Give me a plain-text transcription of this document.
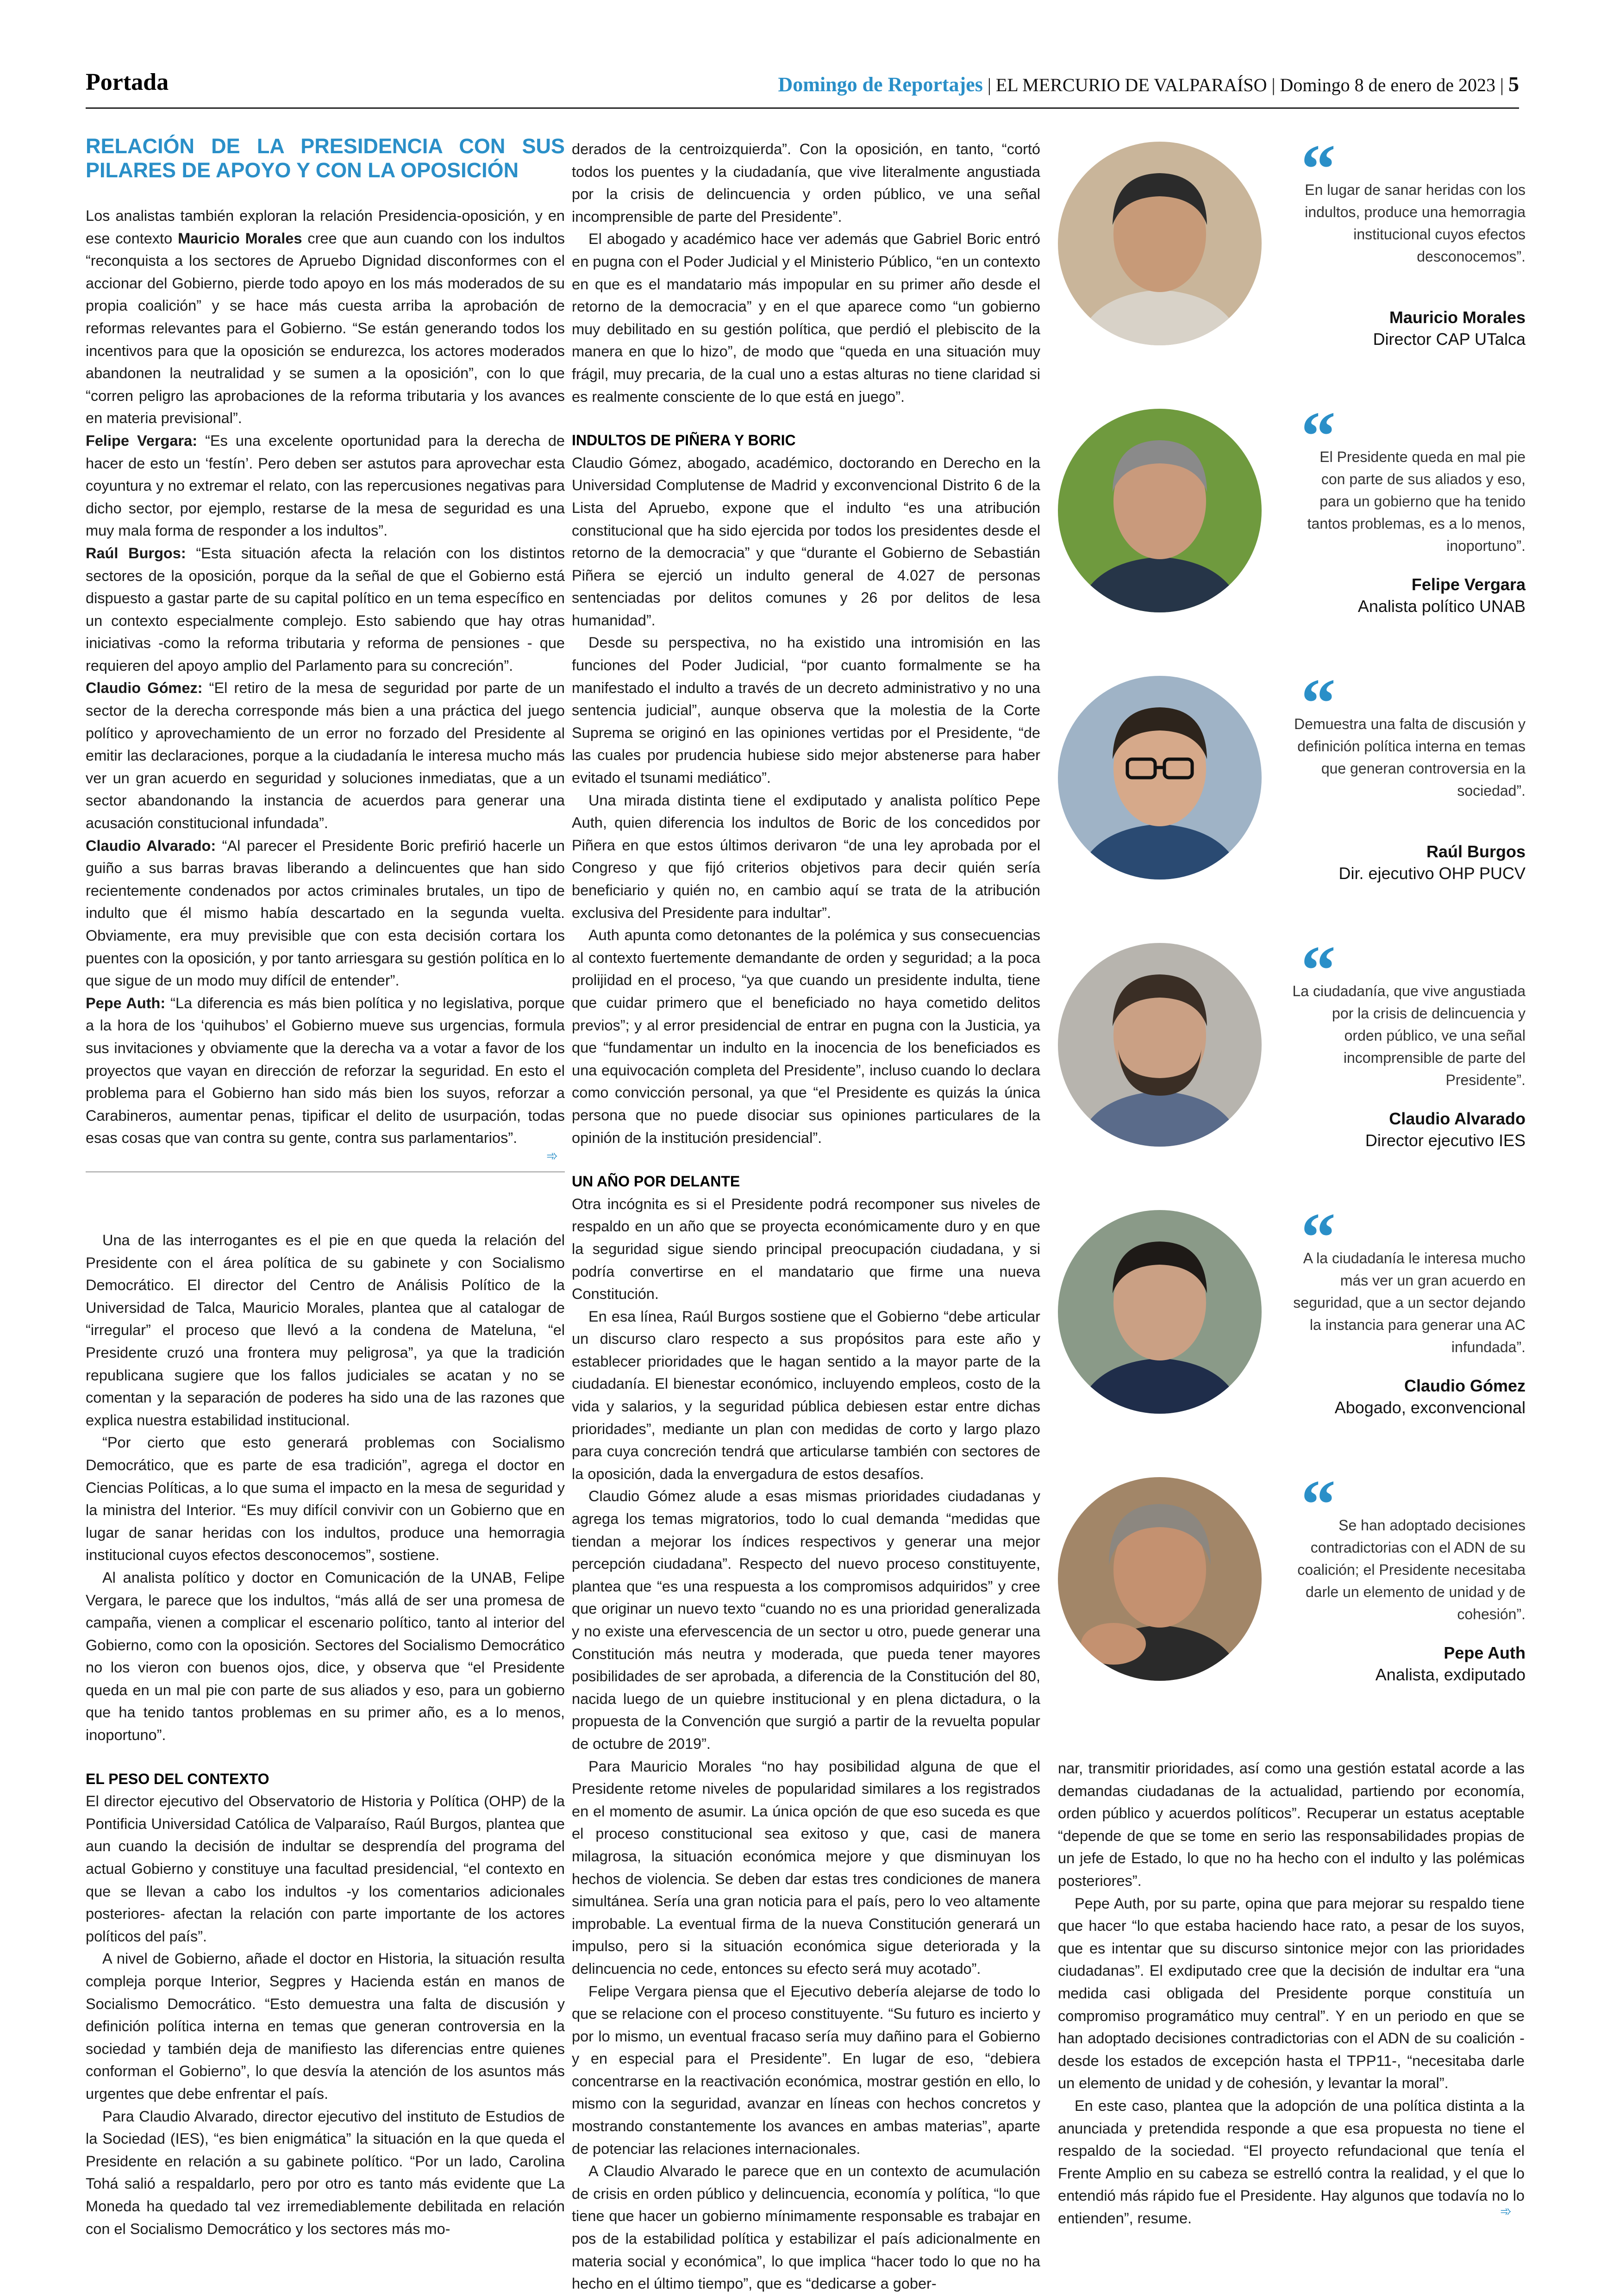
Portada	Domingo de Reportajes | EL MERCURIO DE VALPARAÍSO | Domingo 8 de enero de 2023 | 5
RELACIÓN DE LA PRESIDENCIA CON SUS PILARES DE APOYO Y CON LA OPOSICIÓN

Los analistas también exploran la relación Presidencia-oposición, y en ese contexto Mauricio Morales cree que aun cuando con los indultos “reconquista a los sectores de Apruebo Dignidad disconformes con el accionar del Gobierno, pierde todo apoyo en los más moderados de su propia coalición” y se hace más cuesta arriba la aprobación de reformas relevantes para el Gobierno. “Se están generando todos los incentivos para que la oposición se endurezca, los actores moderados abandonen la neutralidad y se sumen a la oposición”, con lo que “corren peligro las aprobaciones de la reforma tributaria y los avances en materia previsional”.

Felipe Vergara: “Es una excelente oportunidad para la derecha de hacer de esto un ‘festín’. Pero deben ser astutos para aprovechar esta coyuntura y no extremar el relato, con las repercusiones negativas para dicho sector, por ejemplo, restarse de la mesa de seguridad es una muy mala forma de responder a los indultos”.

Raúl Burgos: “Esta situación afecta la relación con los distintos sectores de la oposición, porque da la señal de que el Gobierno está dispuesto a gastar parte de su capital político en un tema específico en un contexto especialmente complejo. Esto sabiendo que hay otras iniciativas -como la reforma tributaria y reforma de pensiones - que requieren del apoyo amplio del Parlamento para su concreción”.

Claudio Gómez: “El retiro de la mesa de seguridad por parte de un sector de la derecha corresponde más bien a una práctica del juego político y aprovechamiento de un error no forzado del Presidente al emitir las declaraciones, porque a la ciudadanía le interesa mucho más ver un gran acuerdo en seguridad y soluciones inmediatas, que a un sector abandonando la instancia de acuerdos para generar una acusación constitucional infundada”.

Claudio Alvarado: “Al parecer el Presidente Boric prefirió hacerle un guiño a sus barras bravas liberando a delincuentes que han sido recientemente condenados por actos criminales brutales, un tipo de indulto que él mismo había descartado en la segunda vuelta. Obviamente, era muy previsible que con esta decisión cortara los puentes con la oposición, y por tanto arriesgara su gestión política en lo que sigue de un modo muy difícil de entender”.

Pepe Auth: “La diferencia es más bien política y no legislativa, porque a la hora de los ‘quihubos’ el Gobierno mueve sus urgencias, formula sus invitaciones y obviamente que la derecha va a votar a favor de los proyectos que vayan en dirección de reforzar la seguridad. En esto el problema para el Gobierno han sido más bien los suyos, reforzar a Carabineros, aumentar penas, tipificar el delito de usurpación, todas esas cosas que van contra su gente, contra sus parlamentarios”.

➾

Una de las interrogantes es el pie en que queda la relación del Presidente con el área política de su gabinete y con Socialismo Democrático. El director del Centro de Análisis Político de la Universidad de Talca, Mauricio Morales, plantea que al catalogar de “irregular” el proceso que llevó a la condena de Mateluna, “el Presidente cruzó una frontera muy peligrosa”, ya que la tradición republicana sugiere que los fallos judiciales se acatan y no se comentan y la separación de poderes ha sido una de las razones que explica nuestra estabilidad institucional.

“Por cierto que esto generará problemas con Socialismo Democrático, que es parte de esa tradición”, agrega el doctor en Ciencias Políticas, a lo que suma el impacto en la mesa de seguridad y la ministra del Interior. “Es muy difícil convivir con un Gobierno que en lugar de sanar heridas con los indultos, produce una hemorragia institucional cuyos efectos desconocemos”, sostiene.

Al analista político y doctor en Comunicación de la UNAB, Felipe Vergara, le parece que los indultos, “más allá de ser una promesa de campaña, vienen a complicar el escenario político, tanto al interior del Gobierno, como con la oposición. Sectores del Socialismo Democrático no los vieron con buenos ojos, dice, y observa que “el Presidente queda en un mal pie con parte de sus aliados y eso, para un gobierno que ha tenido tantos problemas en su primer año, es a lo menos, inoportuno”.

EL PESO DEL CONTEXTO

El director ejecutivo del Observatorio de Historia y Política (OHP) de la Pontificia Universidad Católica de Valparaíso, Raúl Burgos, plantea que aun cuando la decisión de indultar se desprendía del programa del actual Gobierno y constituye una facultad presidencial, “el contexto en que se llevan a cabo los indultos -y los comentarios adicionales posteriores- afectan la relación con parte importante de los actores políticos del país”.

A nivel de Gobierno, añade el doctor en Historia, la situación resulta compleja porque Interior, Segpres y Hacienda están en manos de Socialismo Democrático. “Esto demuestra una falta de discusión y definición política interna en temas que generan controversia en la sociedad y también deja de manifiesto las diferencias entre quienes conforman el Gobierno”, lo que desvía la atención de los asuntos más urgentes que debe enfrentar el país.

Para Claudio Alvarado, director ejecutivo del instituto de Estudios de la Sociedad (IES), “es bien enigmática” la situación en la que queda el Presidente en relación a su gabinete político. “Por un lado, Carolina Tohá salió a respaldarlo, pero por otro es tanto más evidente que La Moneda ha quedado tal vez irremediablemente debilitada en relación con el Socialismo Democrático y los sectores más mo-

derados de la centroizquierda”. Con la oposición, en tanto, “cortó todos los puentes y la ciudadanía, que vive literalmente angustiada por la crisis de delincuencia y orden público, ve una señal incomprensible de parte del Presidente”.

El abogado y académico hace ver además que Gabriel Boric entró en pugna con el Poder Judicial y el Ministerio Público, “en un contexto en que es el mandatario más impopular en su primer año desde el retorno de la democracia” y en el que aparece como “un gobierno muy debilitado en su gestión política, que perdió el plebiscito de la manera en que lo hizo”, de modo que “queda en una situación muy frágil, muy precaria, de la cual uno a estas alturas no tiene claridad si es realmente consciente de lo que está en juego”.

INDULTOS DE PIÑERA Y BORIC

Claudio Gómez, abogado, académico, doctorando en Derecho en la Universidad Complutense de Madrid y exconvencional Distrito 6 de la Lista del Apruebo, expone que el indulto “es una atribución constitucional que ha sido ejercida por todos los presidentes desde el retorno de la democracia” y que “durante el Gobierno de Sebastián Piñera se ejerció un indulto general de 4.027 de personas sentenciadas por delitos comunes y 26 por delitos de lesa humanidad”.

Desde su perspectiva, no ha existido una intromisión en las funciones del Poder Judicial, “por cuanto formalmente se ha manifestado el indulto a través de un decreto administrativo y no una sentencia judicial”, aunque observa que la molestia de la Corte Suprema se originó en las opiniones vertidas por el Presidente, “de las cuales por prudencia hubiese sido mejor abstenerse para haber evitado el tsunami mediático”.

Una mirada distinta tiene el exdiputado y analista político Pepe Auth, quien diferencia los indultos de Boric de los concedidos por Piñera en que estos últimos derivaron “de una ley aprobada por el Congreso y que fijó criterios objetivos para decir quién sería beneficiario y quién no, en cambio aquí se trata de la atribución exclusiva del Presidente para indultar”.

Auth apunta como detonantes de la polémica y sus consecuencias al contexto fuertemente demandante de orden y seguridad; a la poca prolijidad en el proceso, “ya que cuando un presidente indulta, tiene que cuidar primero que el beneficiado no haya cometido delitos previos”; y al error presidencial de entrar en pugna con la Justicia, ya que “fundamentar un indulto en la inocencia de los beneficiados es una equivocación completa del Presidente”, incluso cuando lo declara como convicción personal, ya que “el Presidente es quizás la única persona que no puede disociar sus opiniones particulares de la opinión de la institución presidencial”.

UN AÑO POR DELANTE

Otra incógnita es si el Presidente podrá recomponer sus niveles de respaldo en un año que se proyecta económicamente duro y en que la seguridad sigue siendo principal preocupación ciudadana, y si podría convertirse en el mandatario que firme una nueva Constitución.

En esa línea, Raúl Burgos sostiene que el Gobierno “debe articular un discurso claro respecto a sus propósitos para este año y establecer prioridades que le hagan sentido a la mayor parte de la ciudadanía. El bienestar económico, incluyendo empleos, costo de la vida y salarios, y la seguridad pública debiesen estar entre dichas prioridades”, mediante un plan con medidas de corto y largo plazo para cuya concreción tendrá que articularse también con sectores de la oposición, dada la envergadura de estos desafíos.

Claudio Gómez alude a esas mismas prioridades ciudadanas y agrega los temas migratorios, todo lo cual demanda “medidas que tiendan a mejorar los índices respectivos y generar una mejor percepción ciudadana”. Respecto del nuevo proceso constituyente, plantea que “es una respuesta a los compromisos adquiridos” y cree que originar un nuevo texto “cuando no es una prioridad generalizada y no existe una efervescencia de un sector u otro, puede generar una Constitución más neutra y moderada, que pueda tener mayores posibilidades de ser aprobada, a diferencia de la Constitución del 80, nacida luego de un quiebre institucional y en plena dictadura, o la propuesta de la Convención que surgió a partir de la revuelta popular de octubre de 2019”.

Para Mauricio Morales “no hay posibilidad alguna de que el Presidente retome niveles de popularidad similares a los registrados en el momento de asumir. La única opción de que eso suceda es que el proceso constitucional sea exitoso y que, casi de manera milagrosa, la situación económica mejore y que disminuyan los hechos de violencia. Se deben dar estas tres condiciones de manera simultánea. Sería una gran noticia para el país, pero lo veo altamente improbable. La eventual firma de la nueva Constitución generará un impulso, pero si la situación económica sigue deteriorada y la delincuencia no cede, entonces su efecto será muy acotado”.

Felipe Vergara piensa que el Ejecutivo debería alejarse de todo lo que se relacione con el proceso constituyente. “Su futuro es incierto y por lo mismo, un eventual fracaso sería muy dañino para el Gobierno y en especial para el Presidente”. En lugar de eso, “debiera concentrarse en la reactivación económica, mostrar gestión en ello, lo mismo con la seguridad, avanzar en líneas con hechos concretos y mostrando constantemente los avances en ambas materias”, aparte de potenciar las relaciones internacionales.

A Claudio Alvarado le parece que en un contexto de acumulación de crisis en orden público y delincuencia, economía y política, “lo que tiene que hacer un gobierno mínimamente responsable es trabajar en pos de la estabilidad política y estabilizar el país adicionalmente en materia social y económica”, lo que implica “hacer todo lo que no ha hecho en el último tiempo”, que es “dedicarse a gober-

nar, transmitir prioridades, así como una gestión estatal acorde a las demandas ciudadanas de la actualidad, partiendo por economía, orden público y acuerdos políticos”. Recuperar un estatus aceptable “depende de que se tome en serio las responsabilidades propias de un jefe de Estado, lo que no ha hecho con el indulto y las polémicas posteriores”.

Pepe Auth, por su parte, opina que para mejorar su respaldo tiene que hacer “lo que estaba haciendo hace rato, a pesar de los suyos, que es intentar que su discurso sintonice mejor con las prioridades ciudadanas”. El exdiputado cree que la decisión de indultar era “una medida casi obligada del Presidente porque constituía un compromiso programático muy central”. Y en un periodo en que se han adoptado decisiones contradictorias con el ADN de su coalición -desde los estados de excepción hasta el TPP11-, “necesitaba darle un elemento de unidad y de cohesión, y levantar la moral”.

En este caso, plantea que la adopción de una política distinta a la anunciada y pretendida responde a que esa propuesta no tiene el respaldo de la sociedad. “El proyecto refundacional que tenía el Frente Amplio en su cabeza se estrelló contra la realidad, y el que lo entendió más rápido fue el Presidente. Hay algunos que todavía no lo entienden”, resume.	➾
“
En lugar de sanar heridas con los indultos, produce una hemorragia institucional cuyos efectos desconocemos”.
Mauricio Morales
Director CAP UTalca
“
El Presidente queda en mal pie con parte de sus aliados y eso, para un gobierno que ha tenido tantos problemas, es a lo menos, inoportuno”.
Felipe Vergara
Analista político UNAB
“
Demuestra una falta de discusión y definición política interna en temas que generan controversia en la sociedad”.
Raúl Burgos
Dir. ejecutivo OHP PUCV
“
La ciudadanía, que vive angustiada por la crisis de delincuencia y orden público, ve una señal incomprensible de parte del Presidente”.
Claudio Alvarado
Director ejecutivo IES
“
A la ciudadanía le interesa mucho más ver un gran acuerdo en seguridad, que a un sector dejando la instancia para generar una AC infundada”.
Claudio Gómez
Abogado, exconvencional
“ Se han adoptado decisiones contradictorias con el ADN de su coalición; el Presidente necesitaba darle un elemento de unidad y de cohesión”.
Pepe Auth
Analista, exdiputado
